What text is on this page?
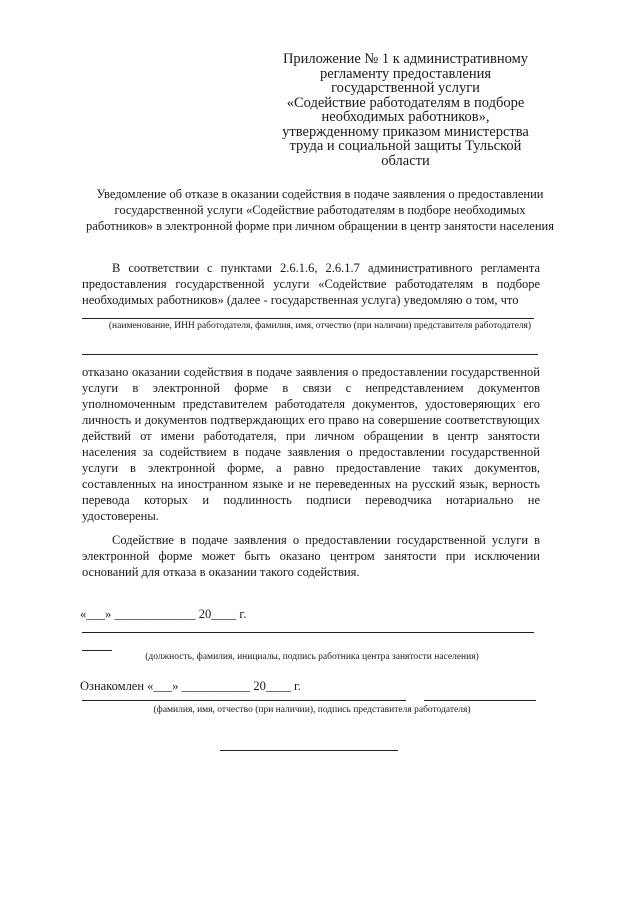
Приложение № 1 к административному
регламенту предоставления
государственной услуги
«Содействие работодателям в подборе
необходимых работников»,
утвержденному приказом министерства
труда и социальной защиты Тульской
области
Уведомление об отказе в оказании содействия в подаче заявления о предоставлении государственной услуги «Содействие работодателям в подборе необходимых работников» в электронной форме при личном обращении в центр занятости населения
В соответствии с пунктами 2.6.1.6, 2.6.1.7 административного регламента предоставления государственной услуги «Содействие работодателям в подборе необходимых работников» (далее - государственная услуга) уведомляю о том, что
(наименование, ИНН работодателя, фамилия, имя, отчество (при наличии) представителя работодателя)
отказано оказании содействия в подаче заявления о предоставлении государственной услуги в электронной форме в связи с непредставлением документов уполномоченным представителем работодателя документов, удостоверяющих его личность и документов подтверждающих его право на совершение соответствующих действий от имени работодателя, при личном обращении в центр занятости населения за содействием в подаче заявления о предоставлении государственной услуги в электронной форме, а равно предоставление таких документов, составленных на иностранном языке и не переведенных на русский язык, верность перевода которых и подлинность подписи переводчика нотариально не удостоверены.
Содействие в подаче заявления о предоставлении государственной услуги в электронной форме может быть оказано центром занятости при исключении оснований для отказа в оказании такого содействия.
«___» _____________ 20____ г.
(должность, фамилия, инициалы, подпись работника центра занятости населения)
Ознакомлен «___» ___________ 20____ г.
(фамилия, имя, отчество (при наличии), подпись представителя работодателя)
